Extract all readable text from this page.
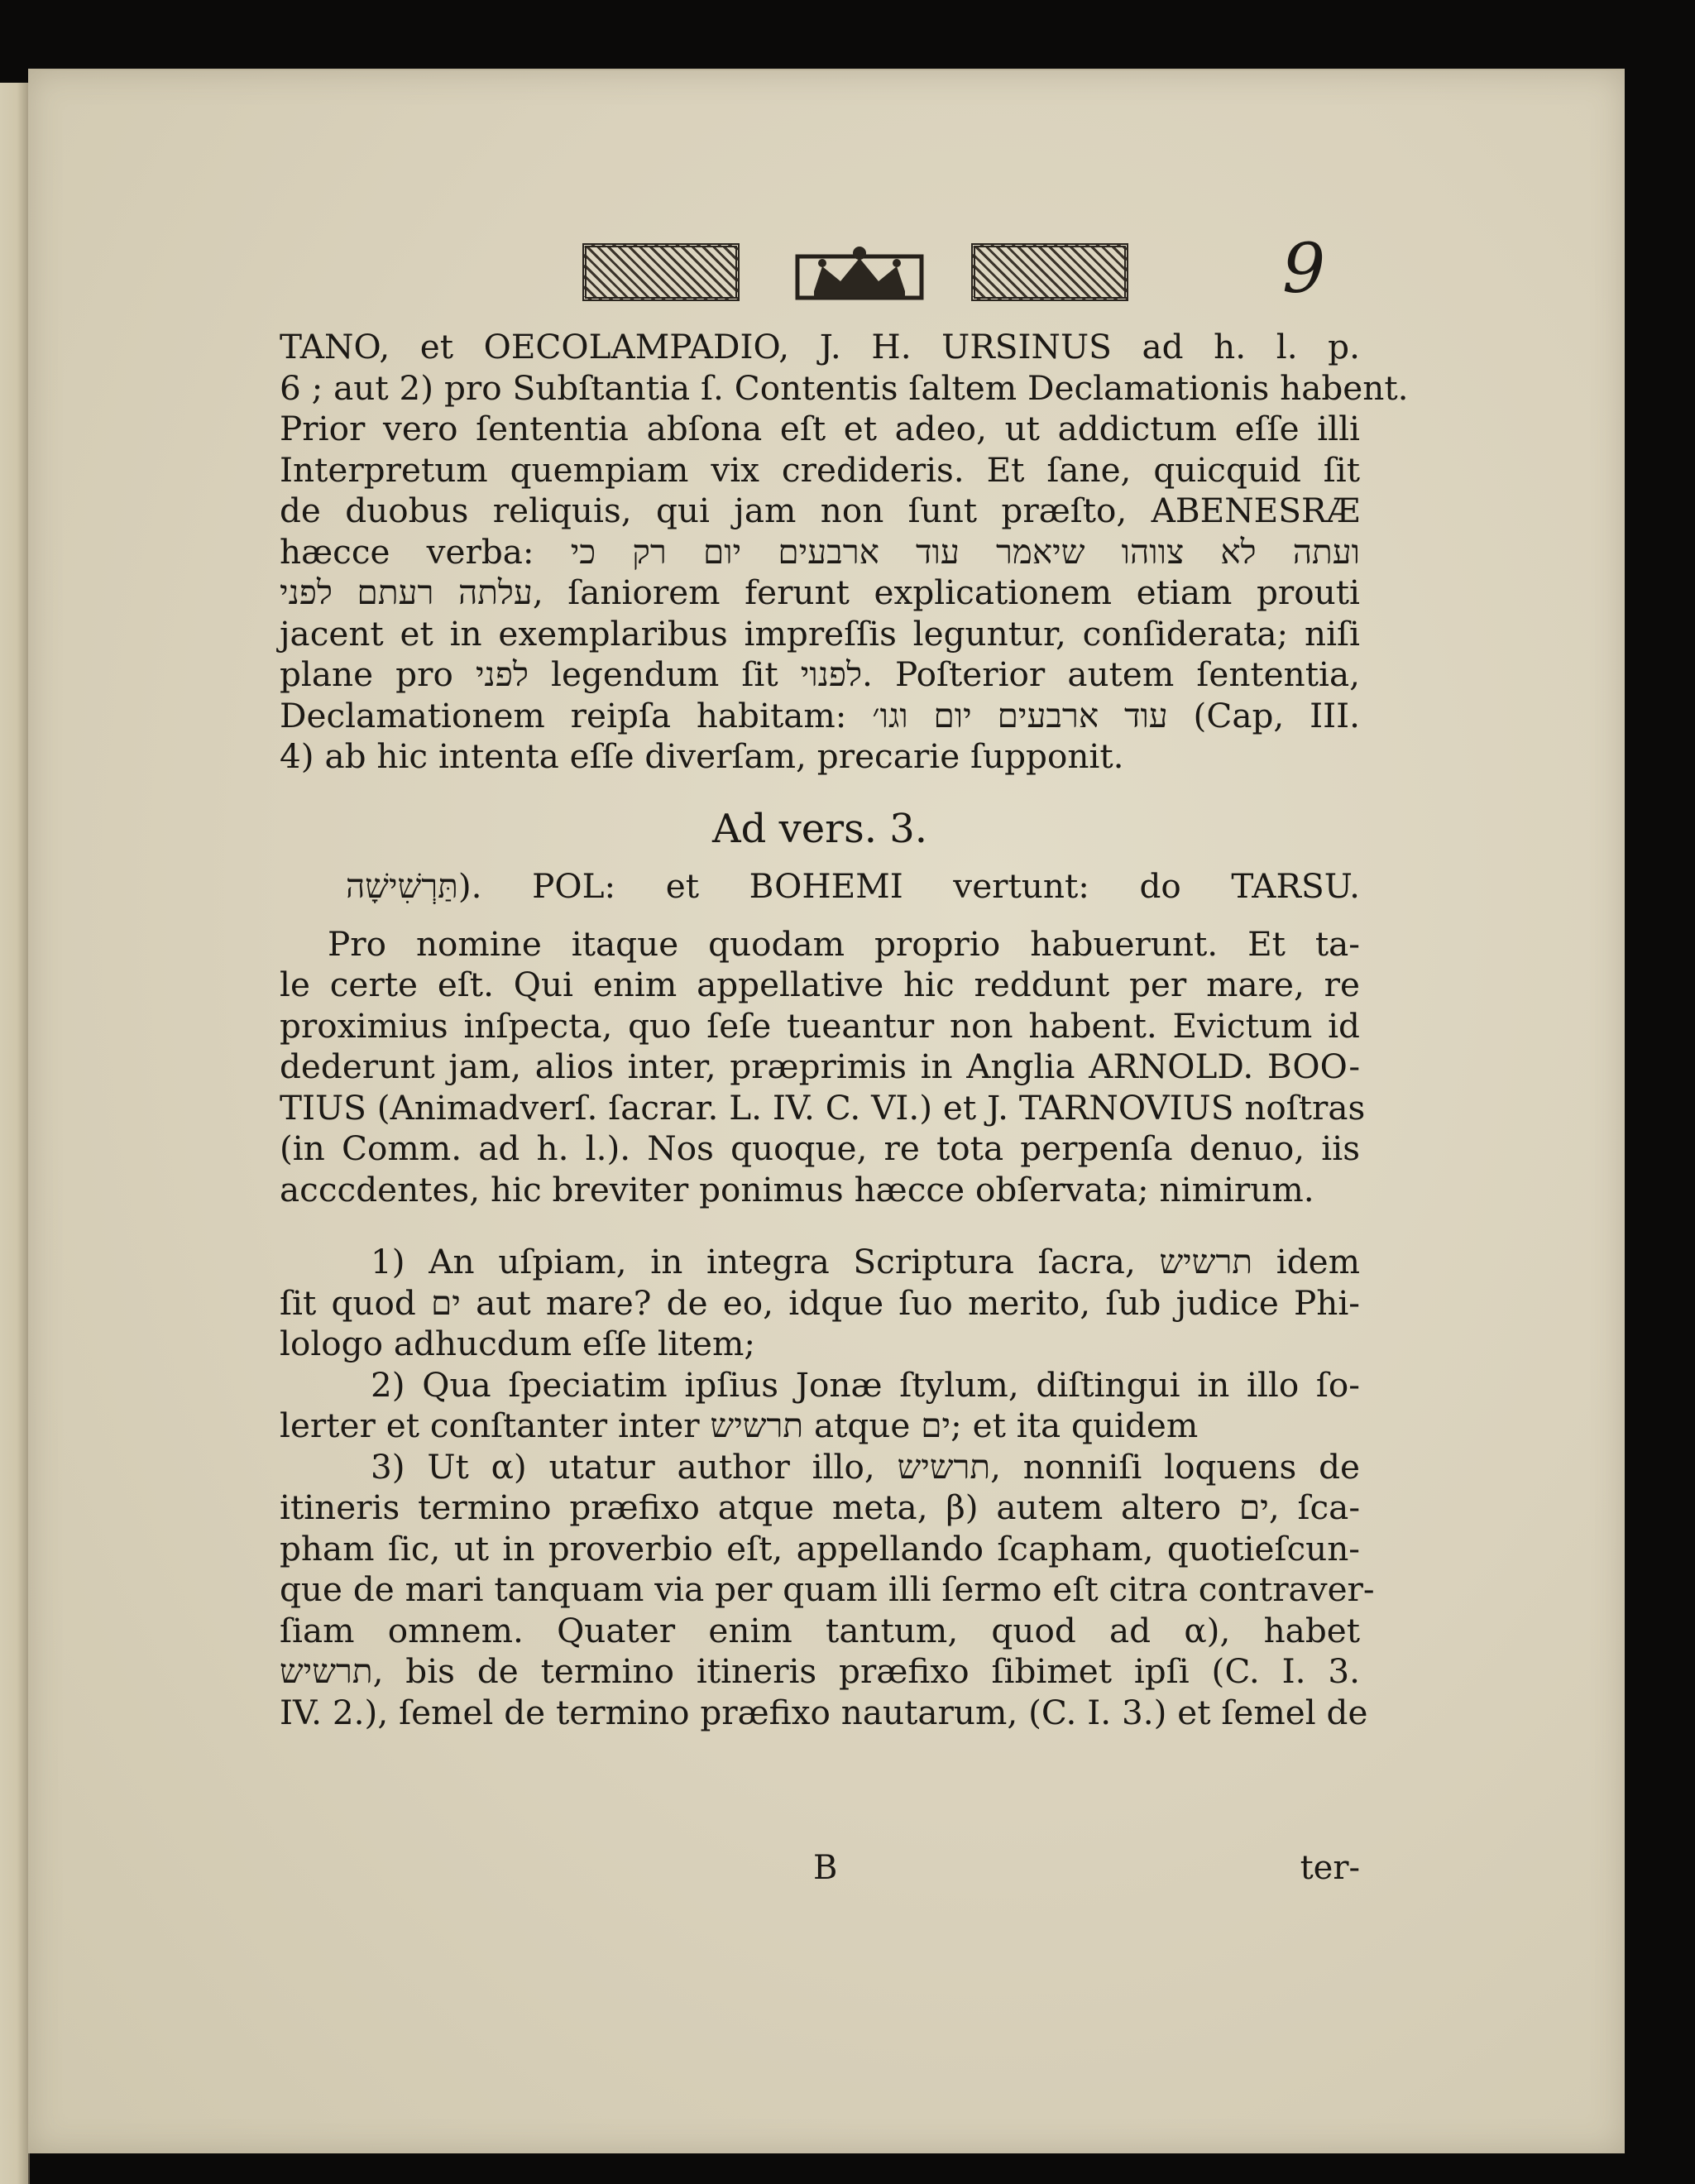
9
TANO, et OECOLAMPADIO, J. H. URSINUS ad h. l. p.
6 ; aut 2) pro Subſtantia ſ. Contentis ſaltem Declamationis habent.
Prior vero ſententia abſona eſt et adeo, ut addictum eſſe illi
Interpretum quempiam vix credideris. Et ſane, quicquid ſit
de duobus reliquis, qui jam non ſunt præſto, ABENESRÆ
hæcce verba: ועתה לא צווהו שיאמר עוד ארבעים יום רק כי
עלתה רעתם לפני, ſaniorem ferunt explicationem etiam prouti
jacent et in exemplaribus impreſſis leguntur, conſiderata; niſi
plane pro לפני legendum ſit לפנוי. Poſterior autem ſententia,
Declamationem reipſa habitam: עוד ארבעים יום וגו׳ (Cap, III.
4) ab hic intenta eſſe diverſam, precarie ſupponit.
Ad vers. 3.
תַּרְשִׁישָׁה). POL: et BOHEMI vertunt: do TARSU.
Pro nomine itaque quodam proprio habuerunt. Et ta-
le certe eſt. Qui enim appellative hic reddunt per mare, re
proximius inſpecta, quo ſeſe tueantur non habent. Evictum id
dederunt jam, alios inter, præprimis in Anglia ARNOLD. BOO-
TIUS (Animadverſ. ſacrar. L. IV. C. VI.) et J. TARNOVIUS noſtras
(in Comm. ad h. l.). Nos quoque, re tota perpenſa denuo, iis
acccdentes, hic breviter ponimus hæcce obſervata; nimirum.
1) An uſpiam, in integra Scriptura ſacra, תרשיש idem
ſit quod ים aut mare? de eo, idque ſuo merito, ſub judice Phi-
lologo adhucdum eſſe litem;
2) Qua ſpeciatim ipſius Jonæ ſtylum, diſtingui in illo ſo-
lerter et conſtanter inter תרשיש atque ים; et ita quidem
3) Ut α) utatur author illo, תרשיש, nonniſi loquens de
itineris termino præfixo atque meta, β) autem altero ים, ſca-
pham ſic, ut in proverbio eſt, appellando ſcapham, quotieſcun-
que de mari tanquam via per quam illi ſermo eſt citra contraver-
ſiam omnem. Quater enim tantum, quod ad α), habet
תרשיש, bis de termino itineris præfixo ſibimet ipſi (C. I. 3.
IV. 2.), ſemel de termino præfixo nautarum, (C. I. 3.) et ſemel de
B	ter-
